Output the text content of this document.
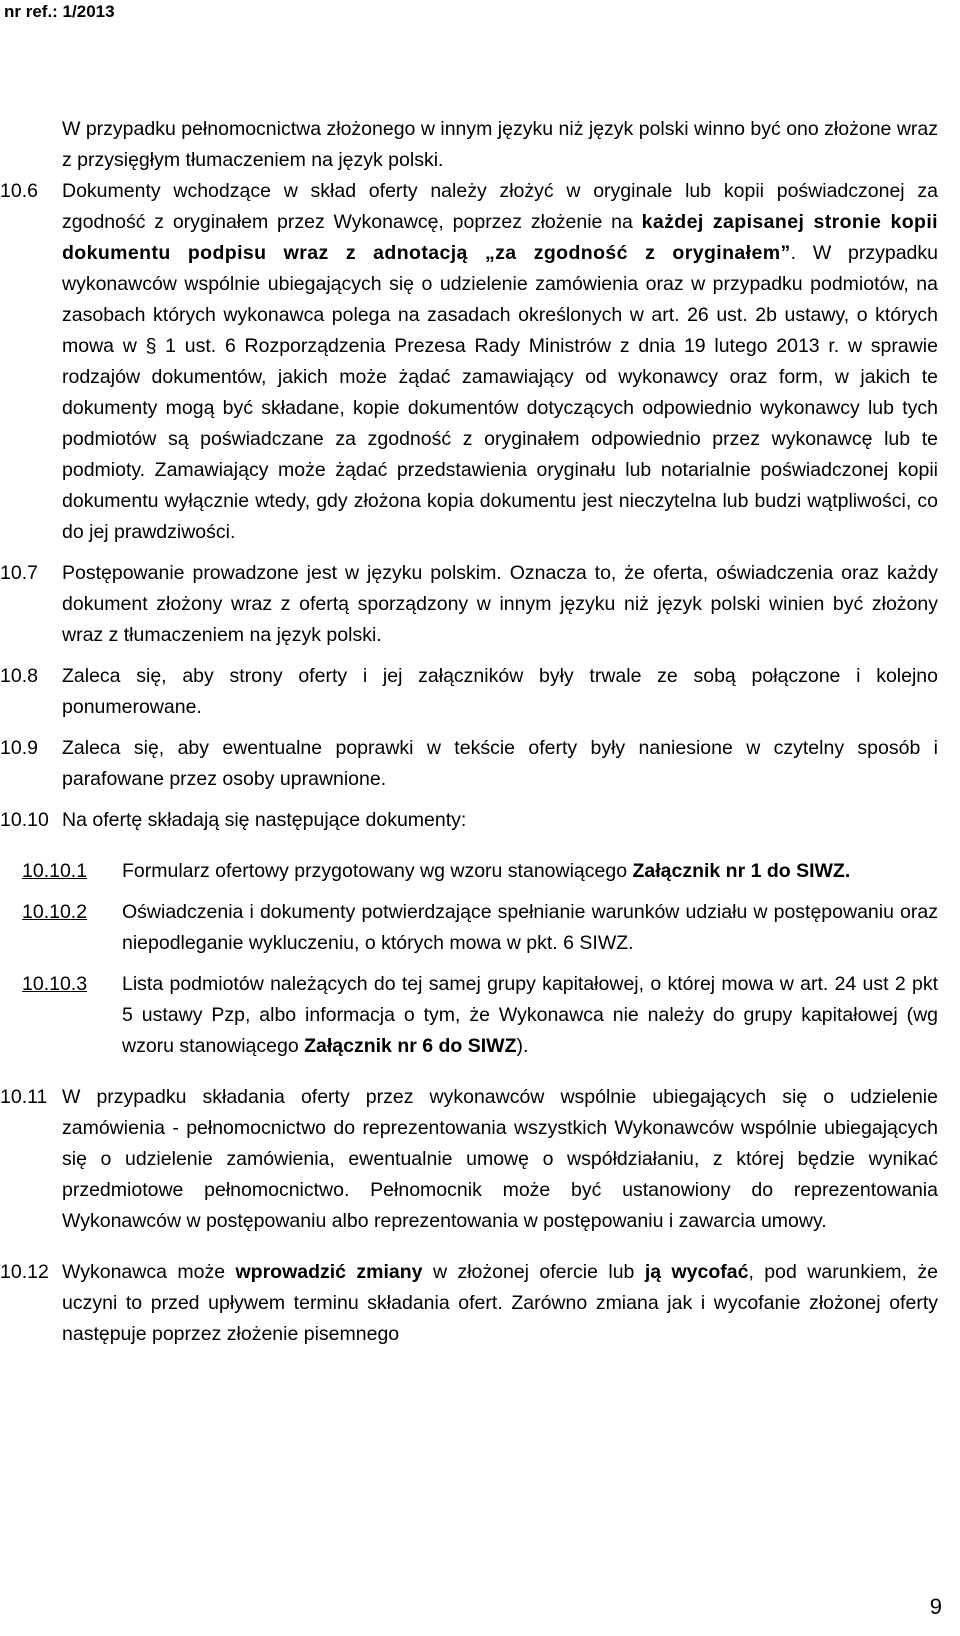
nr ref.: 1/2013

W przypadku pełnomocnictwa złożonego w innym języku niż język polski winno być ono złożone wraz z przysięgłym tłumaczeniem na język polski.

10.6	Dokumenty wchodzące w skład oferty należy złożyć w oryginale lub kopii poświadczonej za zgodność z oryginałem przez Wykonawcę, poprzez złożenie na każdej zapisanej stronie kopii dokumentu podpisu wraz z adnotacją „za zgodność z oryginałem”. W przypadku wykonawców wspólnie ubiegających się o udzielenie zamówienia oraz w przypadku podmiotów, na zasobach których wykonawca polega na zasadach określonych w art. 26 ust. 2b ustawy, o których mowa w § 1 ust. 6 Rozporządzenia Prezesa Rady Ministrów z dnia 19 lutego 2013 r. w sprawie rodzajów dokumentów, jakich może żądać zamawiający od wykonawcy oraz form, w jakich te dokumenty mogą być składane, kopie dokumentów dotyczących odpowiednio wykonawcy lub tych podmiotów są poświadczane za zgodność z oryginałem odpowiednio przez wykonawcę lub te podmioty. Zamawiający może żądać przedstawienia oryginału lub notarialnie poświadczonej kopii dokumentu wyłącznie wtedy, gdy złożona kopia dokumentu jest nieczytelna lub budzi wątpliwości, co do jej prawdziwości.
10.7	Postępowanie prowadzone jest w języku polskim. Oznacza to, że oferta, oświadczenia oraz każdy dokument złożony wraz z ofertą sporządzony w innym języku niż język polski winien być złożony wraz z tłumaczeniem na język polski.
10.8	Zaleca się, aby strony oferty i jej załączników były trwale ze sobą połączone i kolejno ponumerowane.
10.9	Zaleca się, aby ewentualne poprawki w tekście oferty były naniesione w czytelny sposób i parafowane przez osoby uprawnione.
10.10 Na ofertę składają się następujące dokumenty:
10.10.1	Formularz ofertowy przygotowany wg wzoru stanowiącego Załącznik nr 1 do SIWZ.
10.10.2	Oświadczenia i dokumenty potwierdzające spełnianie warunków udziału w postępowaniu oraz niepodleganie wykluczeniu, o których mowa w pkt. 6 SIWZ.
10.10.3	Lista podmiotów należących do tej samej grupy kapitałowej, o której mowa w art. 24 ust 2 pkt 5 ustawy Pzp, albo informacja o tym, że Wykonawca nie należy do grupy kapitałowej (wg wzoru stanowiącego Załącznik nr 6 do SIWZ).
10.11 W przypadku składania oferty przez wykonawców wspólnie ubiegających się o udzielenie zamówienia - pełnomocnictwo do reprezentowania wszystkich Wykonawców wspólnie ubiegających się o udzielenie zamówienia, ewentualnie umowę o współdziałaniu, z której będzie wynikać przedmiotowe pełnomocnictwo. Pełnomocnik może być ustanowiony do reprezentowania Wykonawców w postępowaniu albo reprezentowania w postępowaniu i zawarcia umowy.
10.12 Wykonawca może wprowadzić zmiany w złożonej ofercie lub ją wycofać, pod warunkiem, że uczyni to przed upływem terminu składania ofert. Zarówno zmiana jak i wycofanie złożonej oferty następuje poprzez złożenie pisemnego
9
